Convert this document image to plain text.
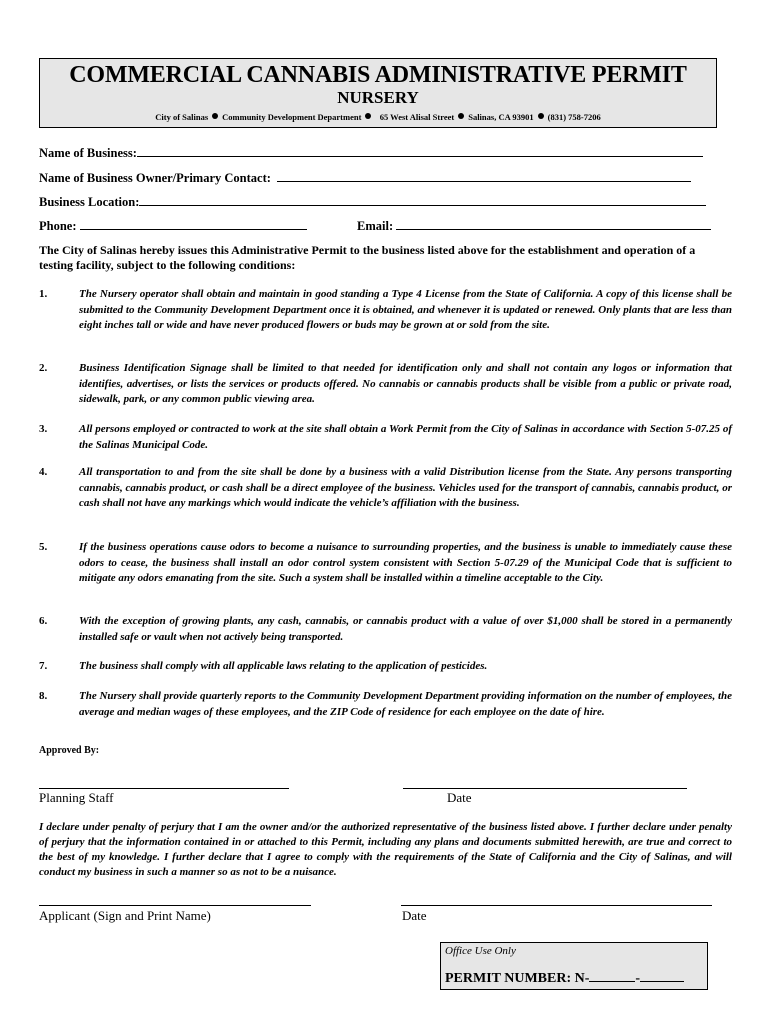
COMMERCIAL CANNABIS ADMINISTRATIVE PERMIT
NURSERY
City of Salinas Community Development Department 65 West Alisal Street Salinas, CA 93901 (831) 758-7206
Name of Business:
Name of Business Owner/Primary Contact:
Business Location:
Phone:	Email:
The City of Salinas hereby issues this Administrative Permit to the business listed above for the establishment and operation of a testing facility, subject to the following conditions:
1.	The Nursery operator shall obtain and maintain in good standing a Type 4 License from the State of California. A copy of this license shall be submitted to the Community Development Department once it is obtained, and whenever it is updated or renewed. Only plants that are less than eight inches tall or wide and have never produced flowers or buds may be grown at or sold from the site.
2.	Business Identification Signage shall be limited to that needed for identification only and shall not contain any logos or information that identifies, advertises, or lists the services or products offered. No cannabis or cannabis products shall be visible from a public or private road, sidewalk, park, or any common public viewing area.
3.	All persons employed or contracted to work at the site shall obtain a Work Permit from the City of Salinas in accordance with Section 5-07.25 of the Salinas Municipal Code.
4.	All transportation to and from the site shall be done by a business with a valid Distribution license from the State. Any persons transporting cannabis, cannabis product, or cash shall be a direct employee of the business. Vehicles used for the transport of cannabis, cannabis product, or cash shall not have any markings which would indicate the vehicle’s affiliation with the business.
5.	If the business operations cause odors to become a nuisance to surrounding properties, and the business is unable to immediately cause these odors to cease, the business shall install an odor control system consistent with Section 5-07.29 of the Municipal Code that is sufficient to mitigate any odors emanating from the site. Such a system shall be installed within a timeline acceptable to the City.
6.	With the exception of growing plants, any cash, cannabis, or cannabis product with a value of over $1,000 shall be stored in a permanently installed safe or vault when not actively being transported.
7.	The business shall comply with all applicable laws relating to the application of pesticides.
8.	The Nursery shall provide quarterly reports to the Community Development Department providing information on the number of employees, the average and median wages of these employees, and the ZIP Code of residence for each employee on the date of hire.
Approved By:
Planning Staff	Date
I declare under penalty of perjury that I am the owner and/or the authorized representative of the business listed above. I further declare under penalty of perjury that the information contained in or attached to this Permit, including any plans and documents submitted herewith, are true and correct to the best of my knowledge. I further declare that I agree to comply with the requirements of the State of California and the City of Salinas, and will conduct my business in such a manner so as not to be a nuisance.
Applicant (Sign and Print Name)	Date
Office Use Only
PERMIT NUMBER: N-	-
